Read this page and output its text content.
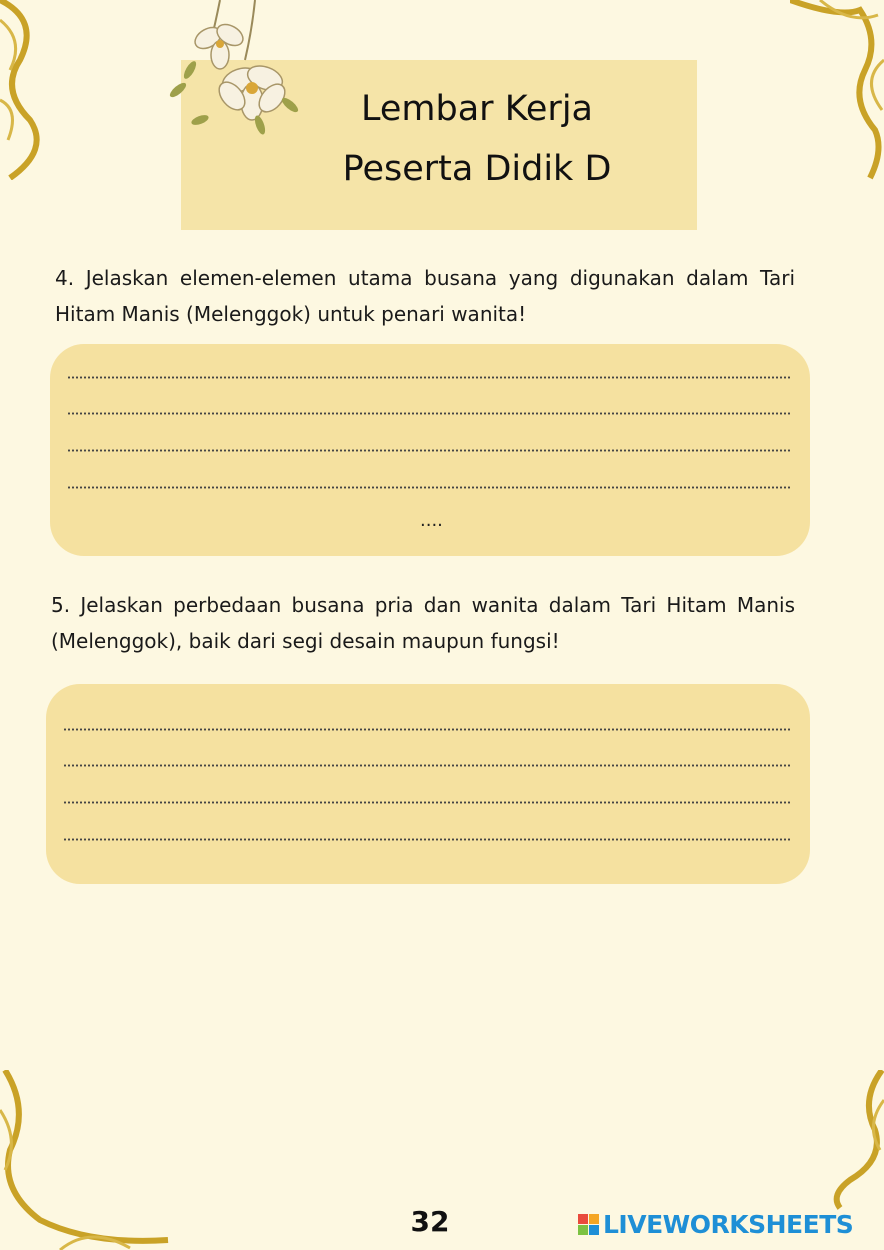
Lembar Kerja
Peserta Didik D
4. Jelaskan elemen-elemen utama busana yang digunakan dalam Tari Hitam Manis (Melenggok) untuk penari wanita!
....
5. Jelaskan perbedaan busana pria dan wanita dalam Tari Hitam Manis (Melenggok), baik dari segi desain maupun fungsi!
32	LIVEWORKSHEETS
